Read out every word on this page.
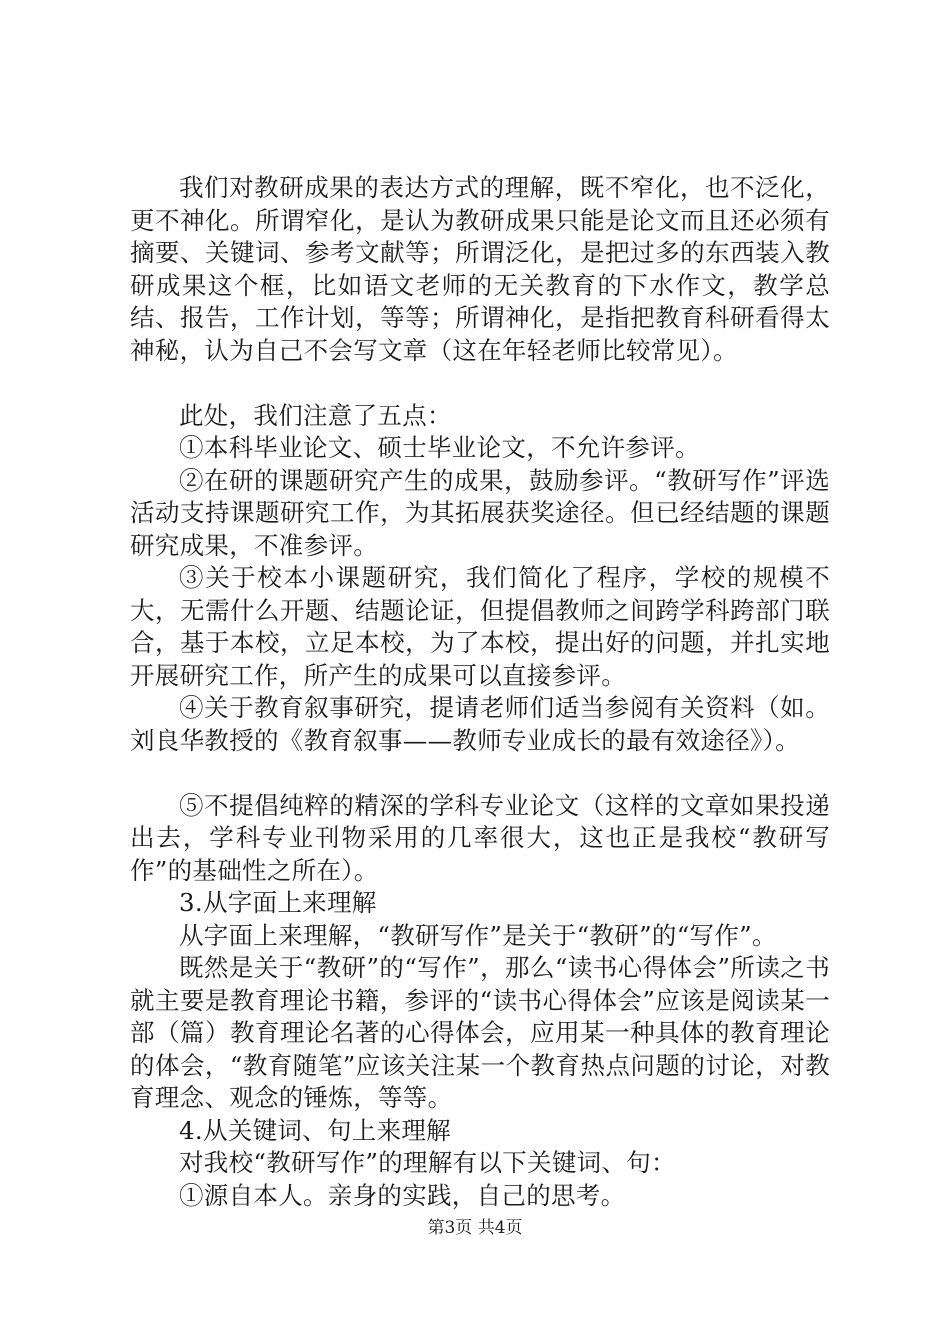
我们对教研成果的表达方式的理解，既不窄化，也不泛化，更不神化。所谓窄化，是认为教研成果只能是论文而且还必须有摘要、关键词、参考文献等；所谓泛化，是把过多的东西装入教研成果这个框，比如语文老师的无关教育的下水作文，教学总结、报告，工作计划，等等；所谓神化，是指把教育科研看得太神秘，认为自己不会写文章（这在年轻老师比较常见）。

此处，我们注意了五点：

①本科毕业论文、硕士毕业论文，不允许参评。

②在研的课题研究产生的成果，鼓励参评。“教研写作”评选活动支持课题研究工作，为其拓展获奖途径。但已经结题的课题研究成果，不准参评。

③关于校本小课题研究，我们简化了程序，学校的规模不大，无需什么开题、结题论证，但提倡教师之间跨学科跨部门联合，基于本校，立足本校，为了本校，提出好的问题，并扎实地开展研究工作，所产生的成果可以直接参评。

④关于教育叙事研究，提请老师们适当参阅有关资料（如。刘良华教授的《教育叙事——教师专业成长的最有效途径》）。

⑤不提倡纯粹的精深的学科专业论文（这样的文章如果投递出去，学科专业刊物采用的几率很大，这也正是我校“教研写作”的基础性之所在）。

3.从字面上来理解

从字面上来理解，“教研写作”是关于“教研”的“写作”。

既然是关于“教研”的“写作”，那么“读书心得体会”所读之书就主要是教育理论书籍，参评的“读书心得体会”应该是阅读某一部（篇）教育理论名著的心得体会，应用某一种具体的教育理论的体会，“教育随笔”应该关注某一个教育热点问题的讨论，对教育理念、观念的锤炼，等等。

4.从关键词、句上来理解

对我校“教研写作”的理解有以下关键词、句：

①源自本人。亲身的实践，自己的思考。

第3页 共4页
